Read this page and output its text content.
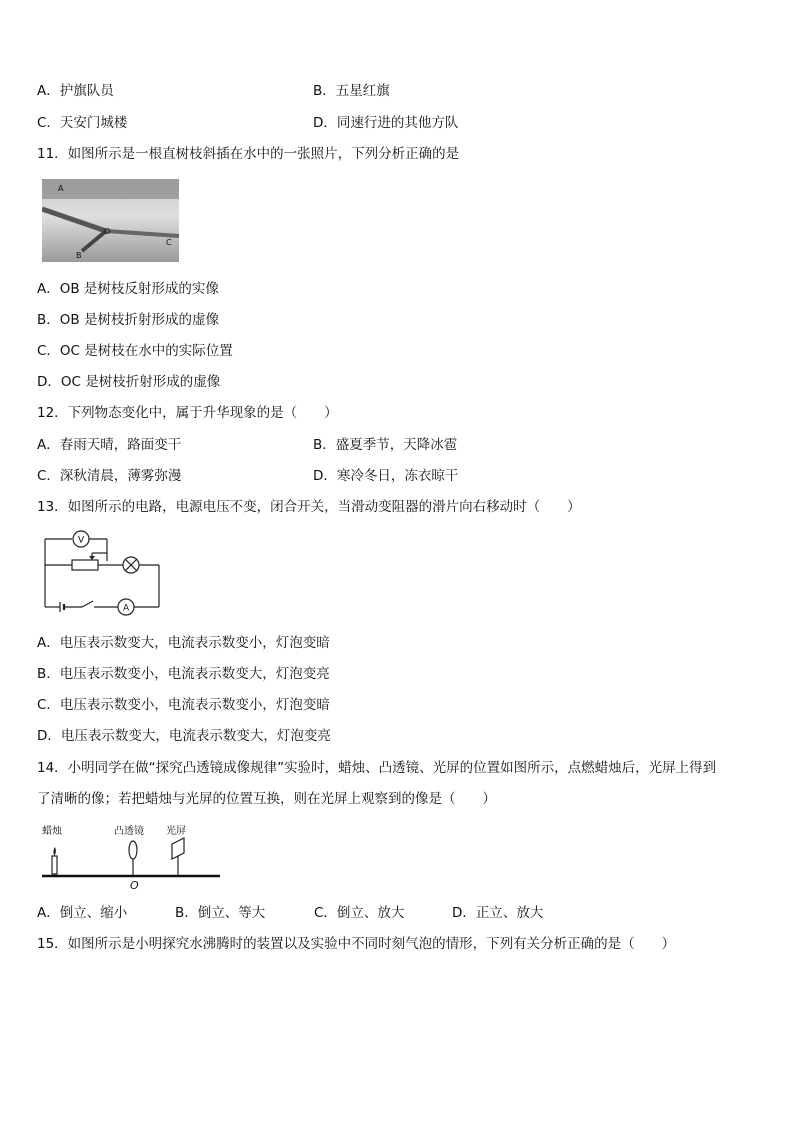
A．护旗队员	B．五星红旗
C．天安门城楼	D．同速行进的其他方队
11．如图所示是一根直树枝斜插在水中的一张照片，下列分析正确的是
A
O
B
C
A．OB 是树枝反射形成的实像
B．OB 是树枝折射形成的虚像
C．OC 是树枝在水中的实际位置
D．OC 是树枝折射形成的虚像
12．下列物态变化中，属于升华现象的是（　　）
A．春雨天晴，路面变干	B．盛夏季节，天降冰雹
C．深秋清晨，薄雾弥漫	D．寒冷冬日，冻衣晾干
13．如图所示的电路，电源电压不变，闭合开关，当滑动变阻器的滑片向右移动时（　　）
V
A
A．电压表示数变大，电流表示数变小，灯泡变暗
B．电压表示数变小，电流表示数变大，灯泡变亮
C．电压表示数变小，电流表示数变小，灯泡变暗
D．电压表示数变大，电流表示数变大，灯泡变亮
14．小明同学在做“探究凸透镜成像规律”实验时，蜡烛、凸透镜、光屏的位置如图所示，点燃蜡烛后，光屏上得到
了清晰的像；若把蜡烛与光屏的位置互换，则在光屏上观察到的像是（　　）
蜡烛	凸透镜 光屏
O
A．倒立、缩小	B．倒立、等大	C．倒立、放大	D．正立、放大
15．如图所示是小明探究水沸腾时的装置以及实验中不同时刻气泡的情形，下列有关分析正确的是（　　）
